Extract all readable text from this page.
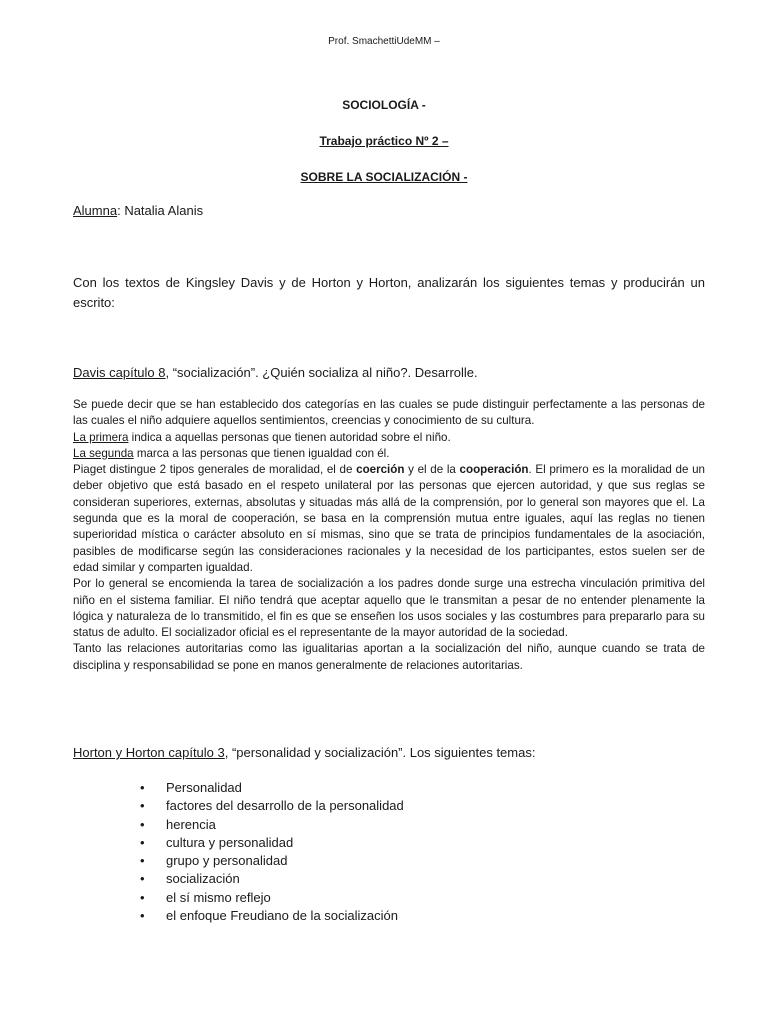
Prof. SmachettiUdeMM –
SOCIOLOGÍA -
Trabajo práctico Nº 2 –
SOBRE LA SOCIALIZACIÓN -
Alumna: Natalia Alanis
Con los textos de Kingsley Davis y de Horton y Horton, analizarán los siguientes temas y producirán un escrito:
Davis capítulo 8, “socialización”. ¿Quién socializa al niño?. Desarrolle.

Se puede decir que se han establecido dos categorías en las cuales se pude distinguir perfectamente a las personas de las cuales el niño adquiere aquellos sentimientos, creencias y conocimiento de su cultura.

La primera indica a aquellas personas que tienen autoridad sobre el niño.

La segunda marca a las personas que tienen igualdad con él.

Piaget distingue 2 tipos generales de moralidad, el de coerción y el de la cooperación. El primero es la moralidad de un deber objetivo que está basado en el respeto unilateral por las personas que ejercen autoridad, y que sus reglas se consideran superiores, externas, absolutas y situadas más allá de la comprensión, por lo general son mayores que el. La segunda que es la moral de cooperación, se basa en la comprensión mutua entre iguales, aquí las reglas no tienen superioridad mística o carácter absoluto en sí mismas, sino que se trata de principios fundamentales de la asociación, pasibles de modificarse según las consideraciones racionales y la necesidad de los participantes, estos suelen ser de edad similar y comparten igualdad.

Por lo general se encomienda la tarea de socialización a los padres donde surge una estrecha vinculación primitiva del niño en el sistema familiar. El niño tendrá que aceptar aquello que le transmitan a pesar de no entender plenamente la lógica y naturaleza de lo transmitido, el fin es que se enseñen los usos sociales y las costumbres para prepararlo para su status de adulto. El socializador oficial es el representante de la mayor autoridad de la sociedad.

Tanto las relaciones autoritarias como las igualitarias aportan a la socialización del niño, aunque cuando se trata de disciplina y responsabilidad se pone en manos generalmente de relaciones autoritarias.

Horton y Horton capítulo 3, “personalidad y socialización”. Los siguientes temas:
• Personalidad
• factores del desarrollo de la personalidad
• herencia
• cultura y personalidad
• grupo y personalidad
• socialización
• el sí mismo reflejo
• el enfoque Freudiano de la socialización
